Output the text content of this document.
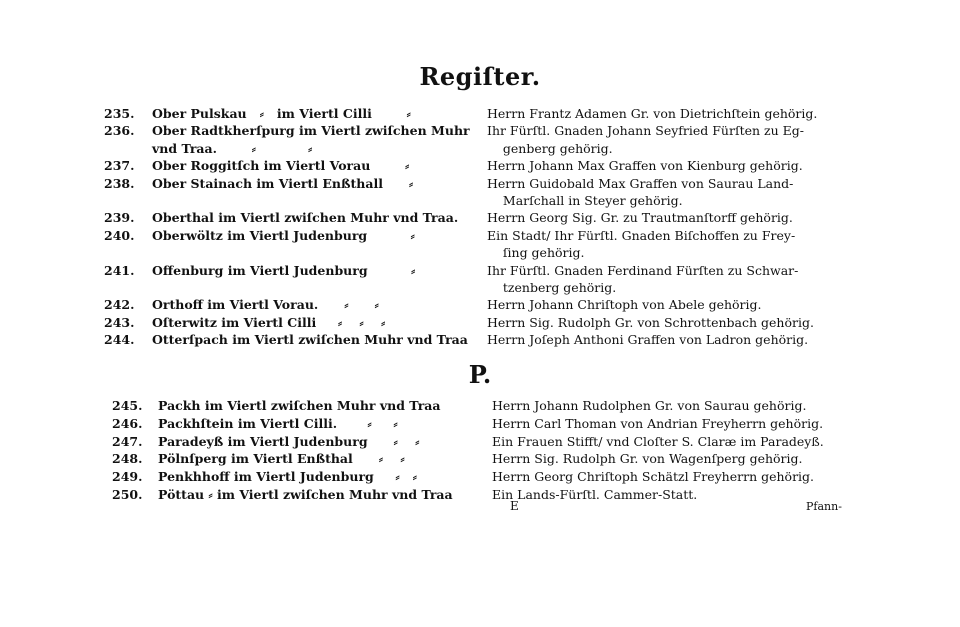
Regiſter.
235.	Ober Pulskau   ⸗   im Viertl Cilli        ⸗	Herrn Frantz Adamen Gr. von Dietrichſtein gehörig.
236.	Ober Radtkherſpurg im Viertl zwiſchen Muhr	Ihr Fürſtl. Gnaden Johann Seyfried Fürſten zu Eg-
vnd Traa.        ⸗            ⸗	genberg gehörig.
237.	Ober Roggitſch im Viertl Vorau        ⸗	Herrn Johann Max Graffen von Kienburg gehörig.
238.	Ober Stainach im Viertl Enßthall      ⸗	Herrn Guidobald Max Graffen von Saurau Land-
Marſchall in Steyer gehörig.
239.	Oberthal im Viertl zwiſchen Muhr vnd Traa.	Herrn Georg Sig. Gr. zu Trautmanſtorff gehörig.
240.	Oberwöltz im Viertl Judenburg          ⸗	Ein Stadt/ Ihr Fürſtl. Gnaden Biſchoffen zu Frey-
ſing gehörig.
241.	Offenburg im Viertl Judenburg          ⸗	Ihr Fürſtl. Gnaden Ferdinand Fürſten zu Schwar-
tzenberg gehörig.
242.	Orthoff im Viertl Vorau.      ⸗      ⸗	Herrn Johann Chriſtoph von Abele gehörig.
243.	Oſterwitz im Viertl Cilli     ⸗    ⸗    ⸗	Herrn Sig. Rudolph Gr. von Schrottenbach gehörig.
244.	Otterſpach im Viertl zwiſchen Muhr vnd Traa	Herrn Joſeph Anthoni Graffen von Ladron gehörig.
P.
245.	Packh im Viertl zwiſchen Muhr vnd Traa	Herrn Johann Rudolphen Gr. von Saurau gehörig.
246.	Packhſtein im Viertl Cilli.       ⸗     ⸗	Herrn Carl Thoman von Andrian Freyherrn gehörig.
247.	Paradeyß im Viertl Judenburg      ⸗    ⸗	Ein Frauen Stifft/ vnd Cloſter S. Claræ im Paradeyß.
248.	Pölnſperg im Viertl Enßthal      ⸗    ⸗	Herrn Sig. Rudolph Gr. von Wagenſperg gehörig.
249.	Penkhhoff im Viertl Judenburg     ⸗   ⸗	Herrn Georg Chriſtoph Schätzl Freyherrn gehörig.
250.	Pöttau ⸗ im Viertl zwiſchen Muhr vnd Traa	Ein Lands-Fürſtl. Cammer-Statt.
E	Pfann-
